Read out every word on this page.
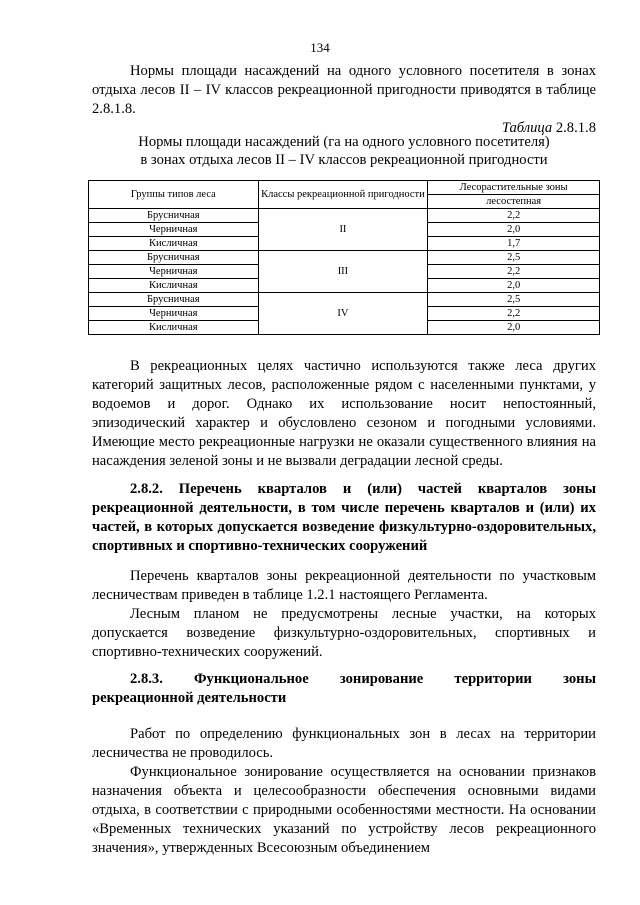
134

Нормы площади насаждений на одного условного посетителя в зонах отдыха лесов II – IV классов рекреационной пригодности приводятся в таблице 2.8.1.8.

Таблица 2.8.1.8
Нормы площади насаждений (га на одного условного посетителя)
в зонах отдыха лесов II – IV классов рекреационной пригодности
Группы типов леса	Классы рекреационной пригодности	Лесорастительные зоны
		лесостепная
Брусничная	II	2,2
Черничная		2,0
Кисличная		1,7
Брусничная	III	2,5
Черничная		2,2
Кисличная		2,0
Брусничная	IV	2,5
Черничная		2,2
Кисличная		2,0

В рекреационных целях частично используются также леса других категорий защитных лесов, расположенные рядом с населенными пунктами, у водоемов и дорог. Однако их использование носит непостоянный, эпизодический характер и обусловлено сезоном и погодными условиями. Имеющие место рекреационные нагрузки не оказали существенного влияния на насаждения зеленой зоны и не вызвали деградации лесной среды.

2.8.2. Перечень кварталов и (или) частей кварталов зоны рекреационной деятельности, в том числе перечень кварталов и (или) их частей, в которых допускается возведение физкультурно-оздоровительных, спортивных и спортивно-технических сооружений

Перечень кварталов зоны рекреационной деятельности по участковым лесничествам приведен в таблице 1.2.1 настоящего Регламента.

Лесным планом не предусмотрены лесные участки, на которых допускается возведение физкультурно-оздоровительных, спортивных и спортивно-технических сооружений.

2.8.3. Функциональное зонирование территории зоны
рекреационной деятельности

Работ по определению функциональных зон в лесах на территории лесничества не проводилось.

Функциональное зонирование осуществляется на основании признаков назначения объекта и целесообразности обеспечения основными видами отдыха, в соответствии с природными особенностями местности. На основании «Временных технических указаний по устройству лесов рекреационного значения», утвержденных Всесоюзным объединением
